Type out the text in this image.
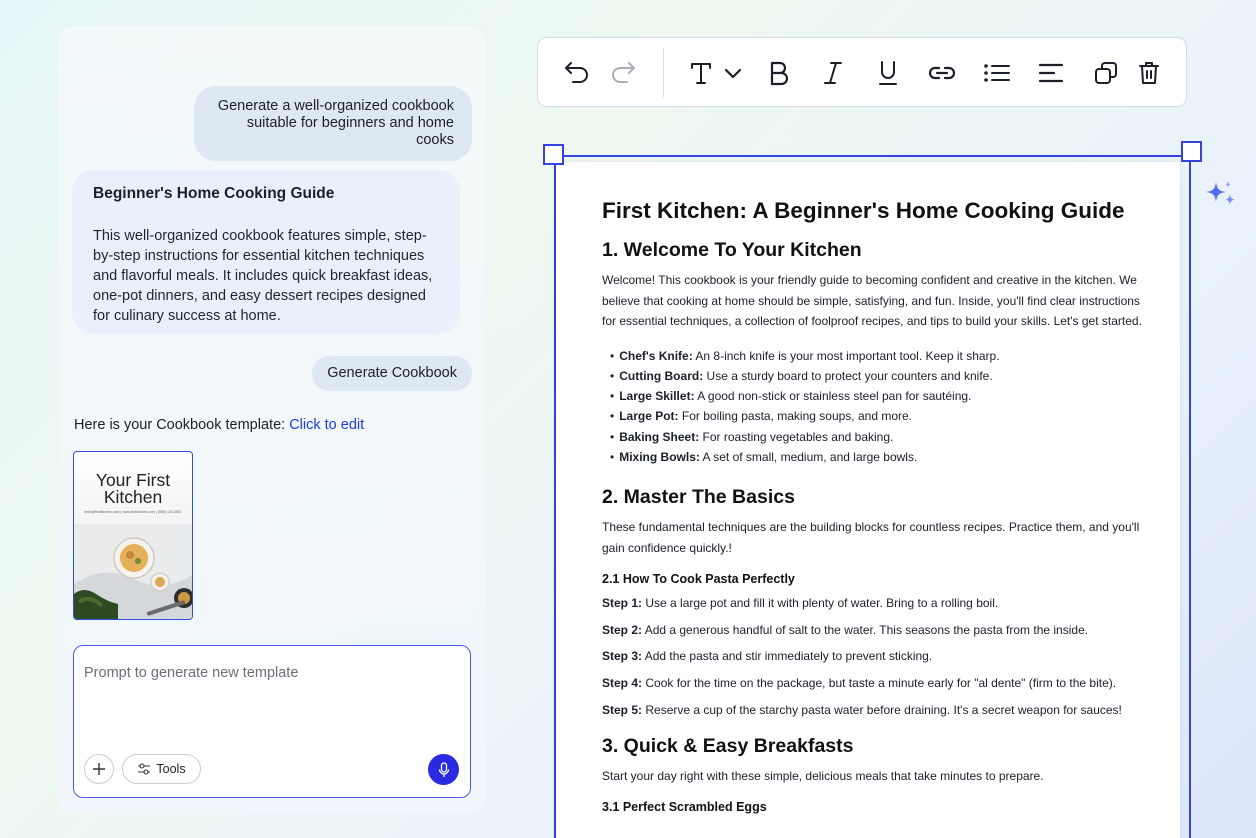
Generate a well-organized cookbook suitable for beginners and home cooks
Beginner's Home Cooking Guide

This well-organized cookbook features simple, step-by-step instructions for essential kitchen techniques and flavorful meals. It includes quick breakfast ideas, one-pot dinners, and easy dessert recipes designed for culinary success at home.

Generate Cookbook
Here is your Cookbook template: Click to edit
Your First
Kitchen
hello@firstkitchen.com | www.firstkitchen.com | (555) 123-4567
Prompt to generate new template
Tools
First Kitchen: A Beginner's Home Cooking Guide
1. Welcome To Your Kitchen
Welcome! This cookbook is your friendly guide to becoming confident and creative in the kitchen. We believe that cooking at home should be simple, satisfying, and fun. Inside, you'll find clear instructions for essential techniques, a collection of foolproof recipes, and tips to build your skills. Let's get started.
• Chef's Knife: An 8-inch knife is your most important tool. Keep it sharp.
• Cutting Board: Use a sturdy board to protect your counters and knife.
• Large Skillet: A good non-stick or stainless steel pan for sautéing.
• Large Pot: For boiling pasta, making soups, and more.
• Baking Sheet: For roasting vegetables and baking.
• Mixing Bowls: A set of small, medium, and large bowls.
2. Master The Basics
These fundamental techniques are the building blocks for countless recipes. Practice them, and you'll gain confidence quickly.!
2.1 How To Cook Pasta Perfectly
Step 1: Use a large pot and fill it with plenty of water. Bring to a rolling boil.
Step 2: Add a generous handful of salt to the water. This seasons the pasta from the inside.
Step 3: Add the pasta and stir immediately to prevent sticking.
Step 4: Cook for the time on the package, but taste a minute early for "al dente" (firm to the bite).
Step 5: Reserve a cup of the starchy pasta water before draining. It's a secret weapon for sauces!
3. Quick & Easy Breakfasts
Start your day right with these simple, delicious meals that take minutes to prepare.
3.1 Perfect Scrambled Eggs
